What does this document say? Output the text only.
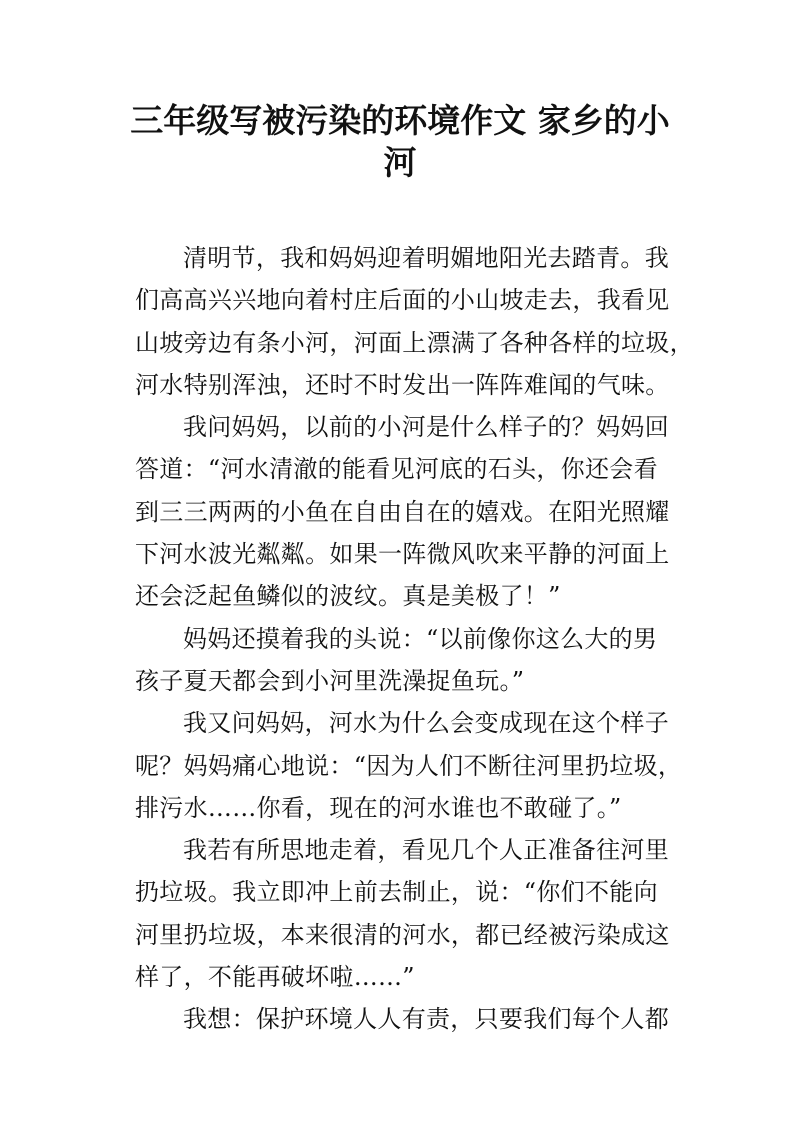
三年级写被污染的环境作文 家乡的小
河
清明节，我和妈妈迎着明媚地阳光去踏青。我
们高高兴兴地向着村庄后面的小山坡走去，我看见
山坡旁边有条小河，河面上漂满了各种各样的垃圾，
河水特别浑浊，还时不时发出一阵阵难闻的气味。
我问妈妈，以前的小河是什么样子的？妈妈回
答道：“河水清澈的能看见河底的石头，你还会看
到三三两两的小鱼在自由自在的嬉戏。在阳光照耀
下河水波光粼粼。如果一阵微风吹来平静的河面上
还会泛起鱼鳞似的波纹。真是美极了！”
妈妈还摸着我的头说：“以前像你这么大的男
孩子夏天都会到小河里洗澡捉鱼玩。”
我又问妈妈，河水为什么会变成现在这个样子
呢？妈妈痛心地说：“因为人们不断往河里扔垃圾，
排污水……你看，现在的河水谁也不敢碰了。”
我若有所思地走着，看见几个人正准备往河里
扔垃圾。我立即冲上前去制止，说：“你们不能向
河里扔垃圾，本来很清的河水，都已经被污染成这
样了，不能再破坏啦……”
我想：保护环境人人有责，只要我们每个人都
